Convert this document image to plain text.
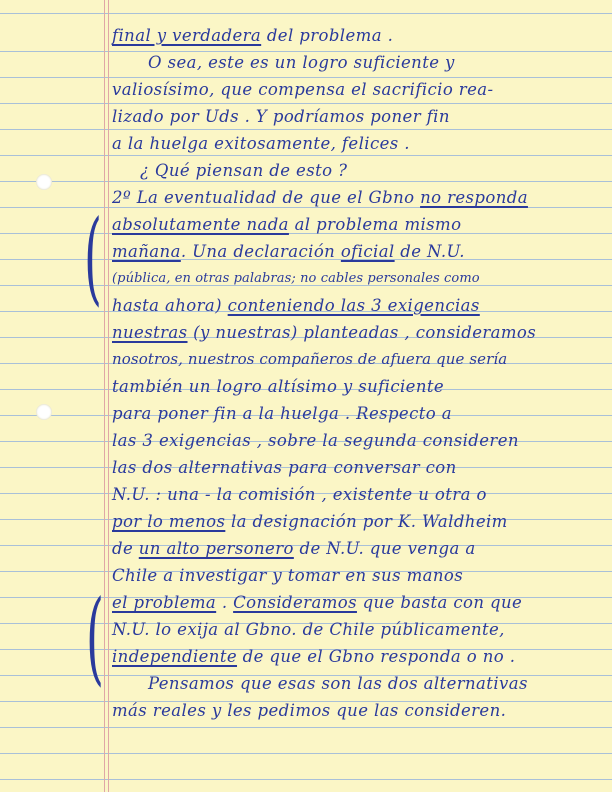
(
(
final y verdadera del problema .
O sea, este es un logro suficiente y
valiosísimo, que compensa el sacrificio rea-
lizado por Uds . Y podríamos poner fin
a la huelga exitosamente, felices .
¿ Qué piensan de esto ?
2º La eventualidad de que el Gbno no responda
absolutamente nada al problema mismo
mañana. Una declaración oficial de N.U.
(pública, en otras palabras; no cables personales como
hasta ahora) conteniendo las 3 exigencias
nuestras (y nuestras) planteadas , consideramos
nosotros, nuestros compañeros de afuera que sería
también un logro altísimo y suficiente
para poner fin a la huelga . Respecto a
las 3 exigencias , sobre la segunda consideren
las dos alternativas para conversar con
N.U. : una - la comisión , existente u otra o
por lo menos la designación por K. Waldheim
de un alto personero de N.U. que venga a
Chile a investigar y tomar en sus manos
el problema . Consideramos que basta con que
N.U. lo exija al Gbno. de Chile públicamente,
independiente de que el Gbno responda o no .
Pensamos que esas son las dos alternativas
más reales y les pedimos que las consideren.
